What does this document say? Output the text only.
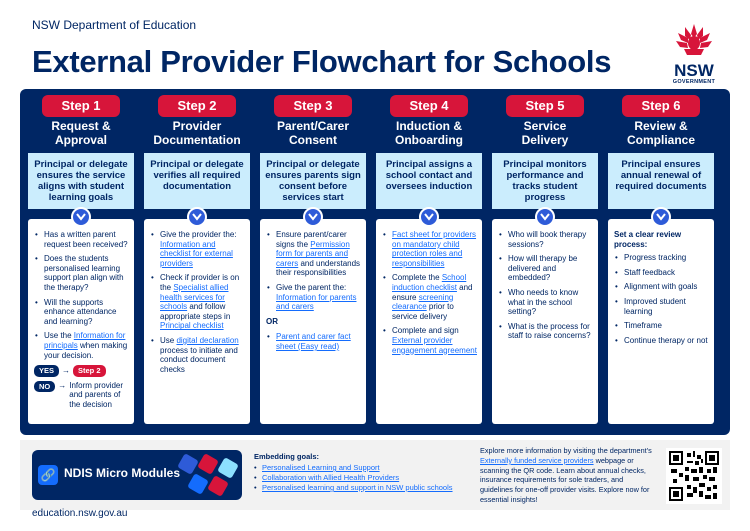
NSW Department of Education
External Provider Flowchart for Schools	NSW
GOVERNMENT
Step 1
Request &
Approval
Principal or delegate ensures the service aligns with student learning goals
• Has a written parent request been received?
• Does the students personalised learning support plan align with the therapy?
• Will the supports enhance attendance and learning?
• Use the Information for principals when making your decision.
YES	→	Step 2
NO	→ Inform provider and parents of the decision
Step 2
Provider
Documentation
Principal or delegate verifies all required documentation
• Give the provider the: Information and checklist for external providers
• Check if provider is on the Specialist allied health services for schools and follow appropriate steps in Principal checklist
• Use digital declaration process to initiate and conduct document checks
Step 3
Parent/Carer
Consent
Principal or delegate ensures parents sign consent before services start
• Ensure parent/carer signs the Permission form for parents and carers and understands their responsibilities
• Give the parent the: Information for parents and carers
OR
• Parent and carer fact sheet (Easy read)
Step 4
Induction &
Onboarding
Principal assigns a school contact and oversees induction
• Fact sheet for providers on mandatory child protection roles and responsibilities
• Complete the School induction checklist and ensure screening clearance prior to service delivery
• Complete and sign External provider engagement agreement
Step 5
Service
Delivery
Principal monitors performance and tracks student progress
• Who will book therapy sessions?
• How will therapy be delivered and embedded?
• Who needs to know what in the school setting?
• What is the process for staff to raise concerns?
Step 6
Review &
Compliance
Principal ensures annual renewal of required documents
Set a clear review process:
• Progress tracking
• Staff feedback
• Alignment with goals
• Improved student learning
• Timeframe
• Continue therapy or not
🔗 NDIS Micro Modules
Embedding goals:
• Personalised Learning and Support
• Collaboration with Allied Health Providers
• Personalised learning and support in NSW public schools
Explore more information by visiting the department's Externally funded service providers webpage or scanning the QR code. Learn about annual checks, insurance requirements for sole traders, and guidelines for one-off provider visits. Explore now for essential insights!
education.nsw.gov.au
